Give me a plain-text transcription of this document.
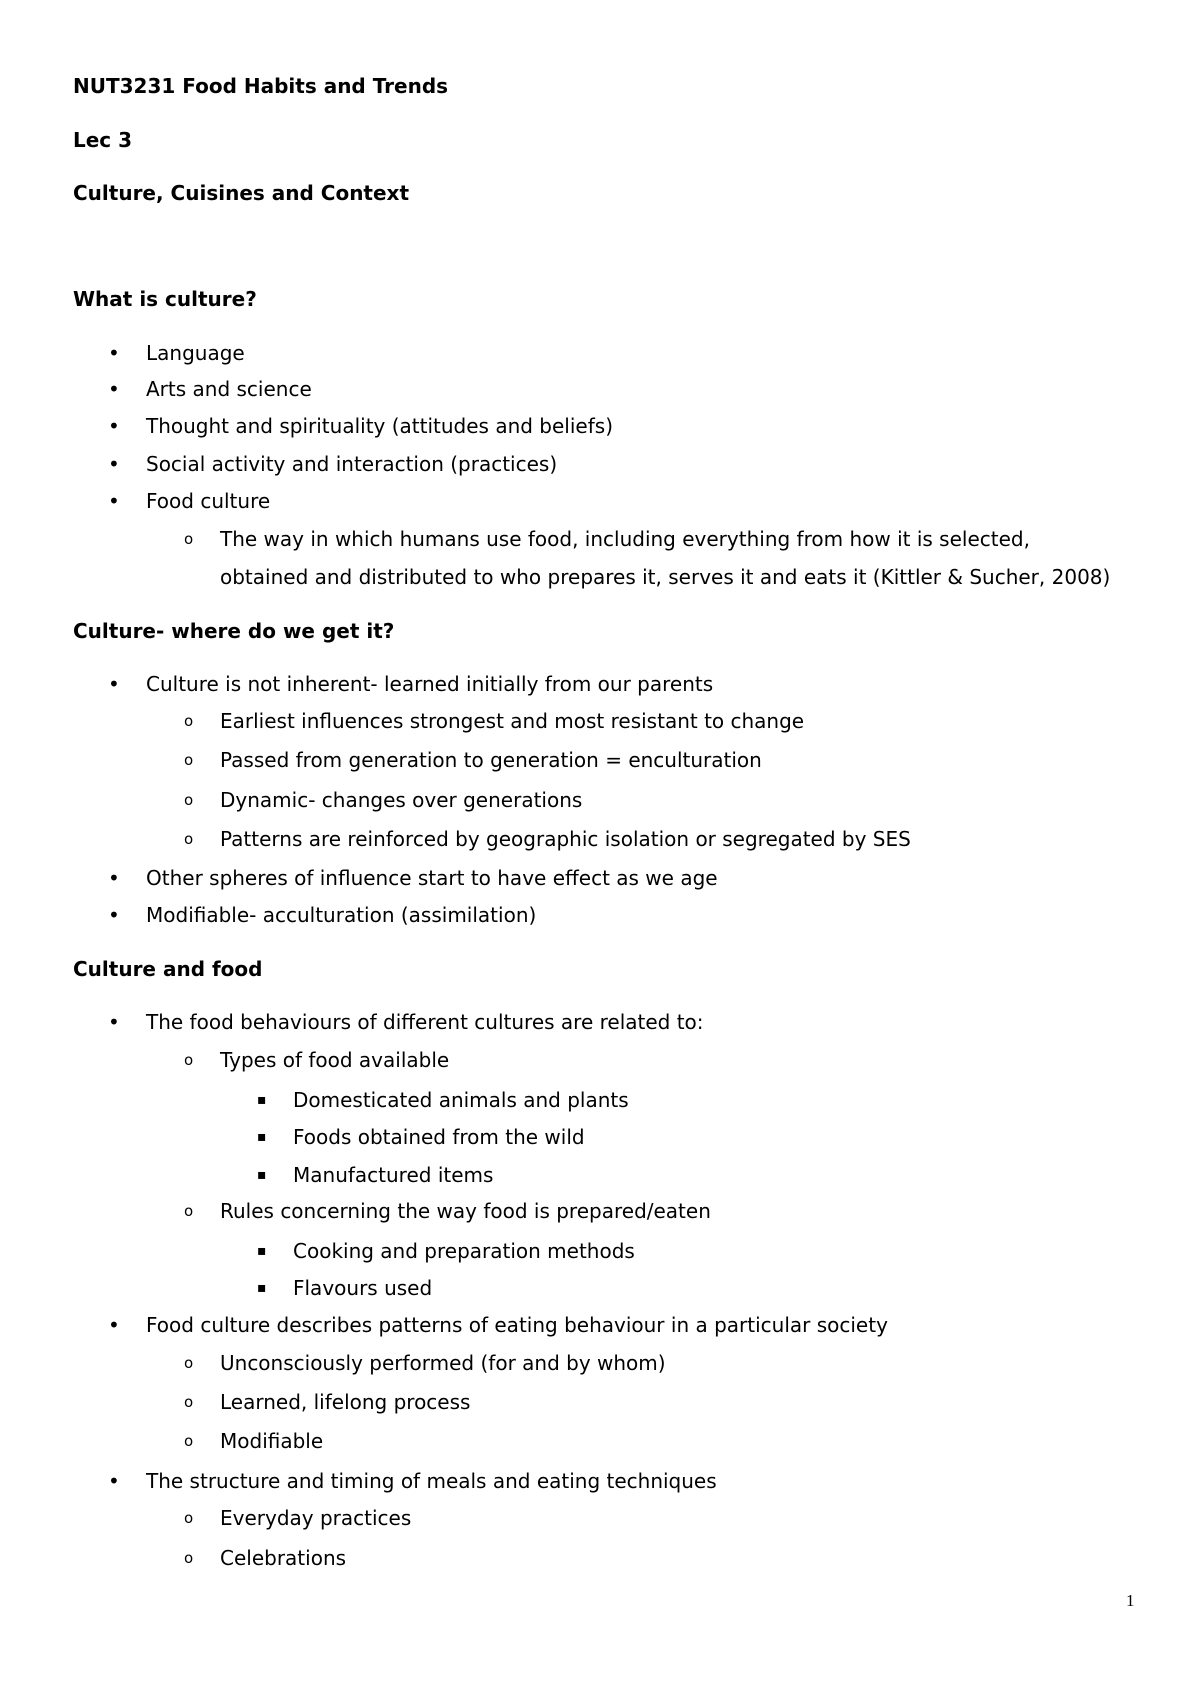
NUT3231 Food Habits and Trends
Lec 3
Culture, Cuisines and Context
What is culture?
• Language
• Arts and science
• Thought and spirituality (attitudes and beliefs)
• Social activity and interaction (practices)
• Food culture
o The way in which humans use food, including everything from how it is selected,
obtained and distributed to who prepares it, serves it and eats it (Kittler & Sucher, 2008)
Culture- where do we get it?
• Culture is not inherent- learned initially from our parents
o Earliest influences strongest and most resistant to change
o Passed from generation to generation = enculturation
o Dynamic- changes over generations
o Patterns are reinforced by geographic isolation or segregated by SES
• Other spheres of influence start to have effect as we age
• Modifiable- acculturation (assimilation)
Culture and food
• The food behaviours of different cultures are related to:
o Types of food available
▪ Domesticated animals and plants
▪ Foods obtained from the wild
▪ Manufactured items
o Rules concerning the way food is prepared/eaten
▪ Cooking and preparation methods
▪ Flavours used
• Food culture describes patterns of eating behaviour in a particular society
o Unconsciously performed (for and by whom)
o Learned, lifelong process
o Modifiable
• The structure and timing of meals and eating techniques
o Everyday practices
o Celebrations
1
